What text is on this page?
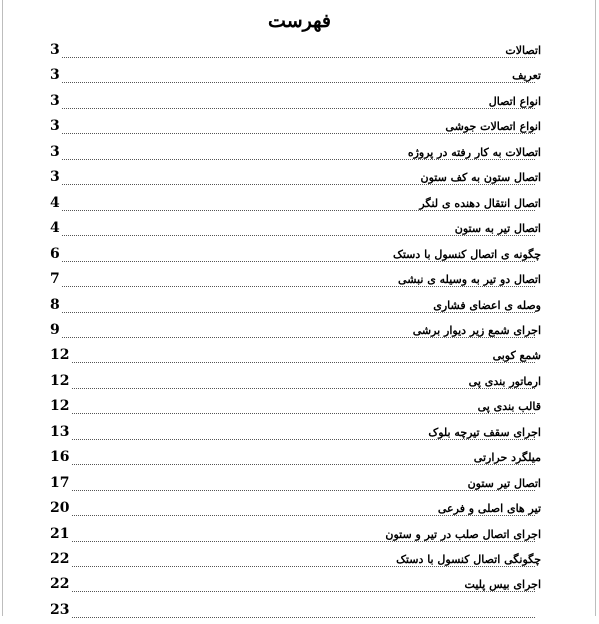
فهرست
3	اتصالات
3	تعریف
3	انواع اتصال
3	انواع اتصالات جوشی
3	اتصالات به کار رفته در پروژه
3	اتصال ستون به کف ستون
4	اتصال انتقال دهنده ی لنگر
4	اتصال تیر به ستون
6	چگونه ی اتصال کنسول با دستک
7	اتصال دو تیر به وسیله ی نبشی
8	وصله ی اعضای فشاری
9	اجرای شمع زیر دیوار برشی
12	شمع کوبی
12	ارماتور بندی پی
12	قالب بندی پی
13	اجرای سقف تیرچه بلوک
16	میلگرد حرارتی
17	اتصال تیر ستون
20	تیر های اصلی و فرعی
21	اجرای اتصال صلب در تیر و ستون
22	چگونگی اتصال کنسول با دستک
22	اجرای بیس پلیت
23
